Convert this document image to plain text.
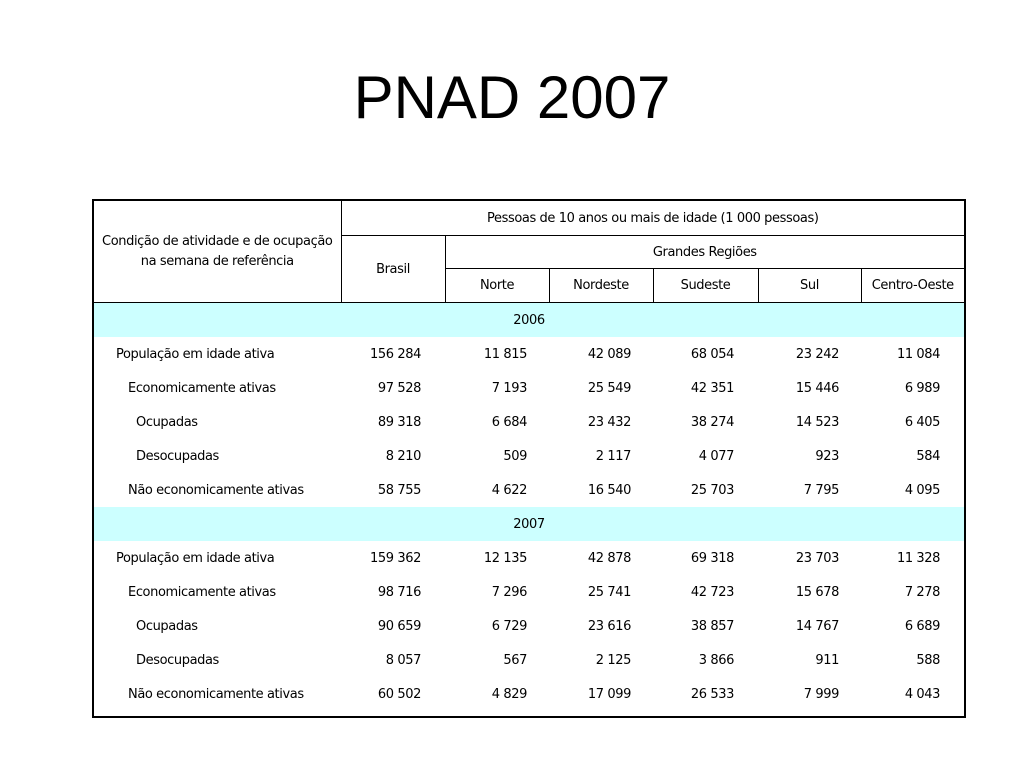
PNAD 2007
Condição de atividade e de ocupação na semana de referência	Pessoas de 10 anos ou mais de idade (1 000 pessoas)					
	Brasil	Grandes Regiões				
		Norte	Nordeste	Sudeste	Sul	Centro-Oeste
2006						
População em idade ativa	156 284	11 815	42 089	68 054	23 242	11 084
Economicamente ativas	97 528	7 193	25 549	42 351	15 446	6 989
Ocupadas	89 318	6 684	23 432	38 274	14 523	6 405
Desocupadas	8 210	509	2 117	4 077	923	584
Não economicamente ativas	58 755	4 622	16 540	25 703	7 795	4 095
2007						
População em idade ativa	159 362	12 135	42 878	69 318	23 703	11 328
Economicamente ativas	98 716	7 296	25 741	42 723	15 678	7 278
Ocupadas	90 659	6 729	23 616	38 857	14 767	6 689
Desocupadas	8 057	567	2 125	3 866	911	588
Não economicamente ativas	60 502	4 829	17 099	26 533	7 999	4 043
